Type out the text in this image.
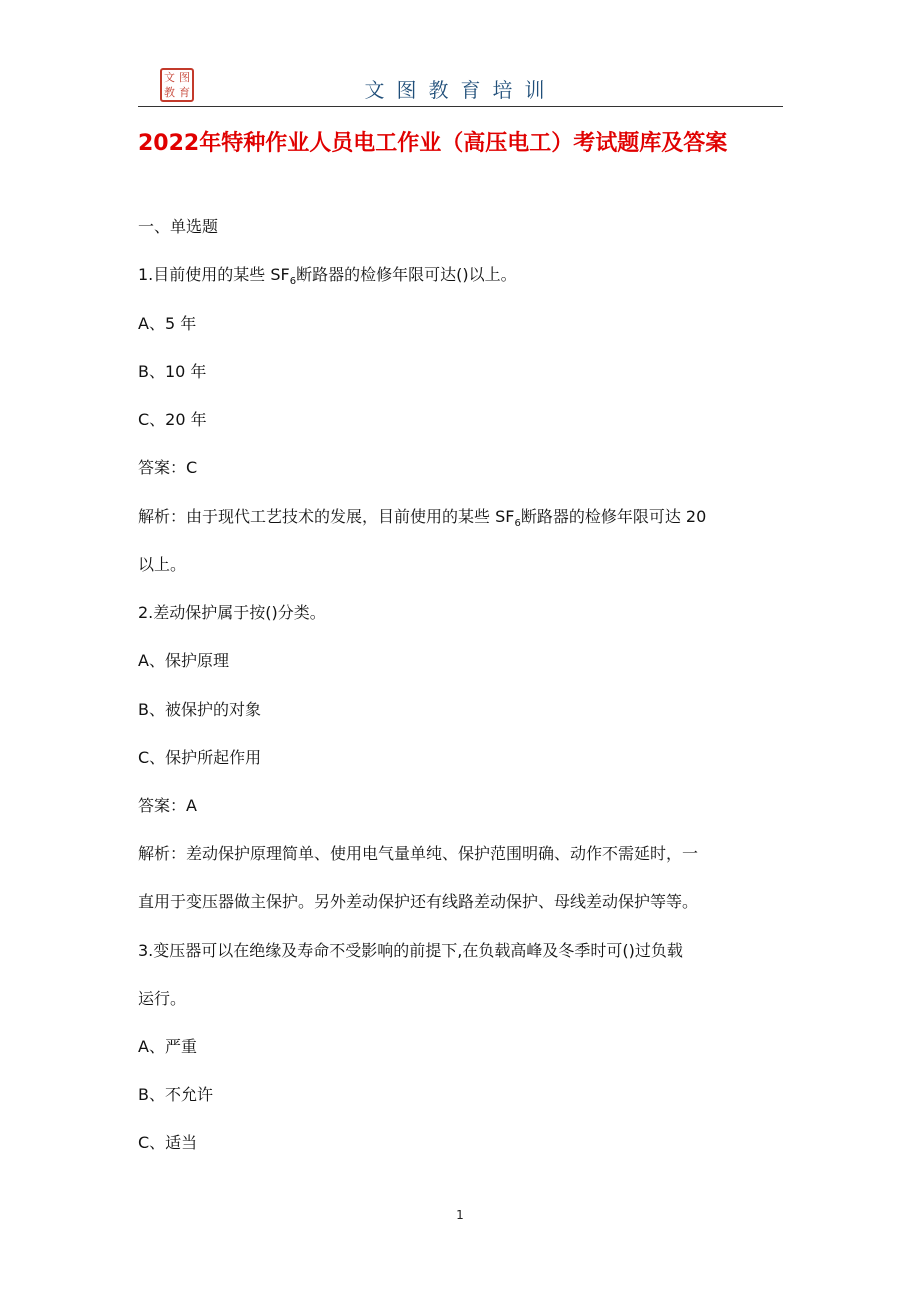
文 图
教 育	文图教育培训
2022年特种作业人员电工作业（高压电工）考试题库及答案
一、单选题
1.目前使用的某些 $SF_6$断路器的检修年限可达()以上。
A、5 年
B、10 年
C、20 年
答案：C
解析：由于现代工艺技术的发展，目前使用的某些 $SF_6$断路器的检修年限可达 20
以上。
2.差动保护属于按()分类。
A、保护原理
B、被保护的对象
C、保护所起作用
答案：A
解析：差动保护原理简单、使用电气量单纯、保护范围明确、动作不需延时，一
直用于变压器做主保护。另外差动保护还有线路差动保护、母线差动保护等等。
3.变压器可以在绝缘及寿命不受影响的前提下,在负载高峰及冬季时可()过负载
运行。
A、严重
B、不允许
C、适当
1
